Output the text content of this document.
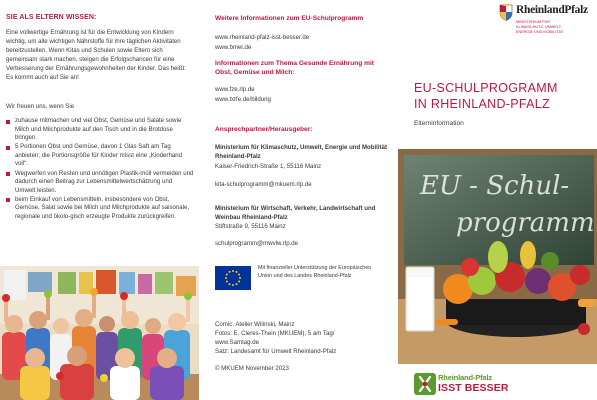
SIE ALS ELTERN WISSEN:

Eine vollwertige Ernährung ist für die Entwicklung von Kindern wichtig, um alle wichtigen Nährstoffe für ihre täglichen Aktivitäten bereitzustellen. Wenn Kitas und Schulen sowie Eltern sich gemeinsam stark machen, steigen die Erfolgschancen für eine Verbesserung der Ernährungsgewohnheiten der Kinder. Das heißt: Es kommt auch auf Sie an!

Wir freuen uns, wenn Sie

zuhause mitmachen und viel Obst, Gemüse und Salate sowie Milch und Milchprodukte auf den Tisch und in die Brotdose bringen.
5 Portionen Obst und Gemüse, davon 1 Glas Saft am Tag anbieten; die Portionsgröße für Kinder misst eine „Kinderhand voll“.
Wegwerfen von Resten und unnötigen Plastik-müll vermeiden und dadurch einen Beitrag zur Lebensmittelwertschätzung und Umwelt leisten.
beim Einkauf von Lebensmitteln, insbesondere von Obst, Gemüse, Salat sowie bei Milch und Milchprodukte auf saisonale, regionale und ökolo-gisch erzeugte Produkte zurückgreifen.
Weitere Informationen zum EU-Schulprogramm
www.rheinland-pfalz-isst-besser.de
www.bmel.de
Informationen zum Thema Gesunde Ernährung mit Obst, Gemüse und Milch:
www.fze.rlp.de
www.bzfe.de/bildung
Ansprechpartner/Herausgeber:
Ministerium für Klimaschutz, Umwelt, Energie und Mobilität Rheinland-Pfalz
Kaiser-Friedrich-Straße 1, 55116 Mainz
kita-schulprogramm@mkuem.rlp.de
Ministerium für Wirtschaft, Verkehr, Landwirtschaft und Weinbau Rheinland-Pfalz
Stiftstraße 9, 55116 Mainz
schulprogramm@mwvlw.rlp.de
Mit finanzieller Unterstützung der Europäischen Union und des Landes Rheinland-Pfalz
Comic: Atelier Wilinski, Mainz
Fotos: E. Cleres-Thein (MKUEM), 5 am Tag/ www.Samtag.de
Satz: Landesamt für Umwelt Rheinland-Pfalz
© MKUEM November 2023
RheinlandPfalz
MINISTERIUM FÜR
KLIMASCHUTZ, UMWELT,
ENERGIE UND MOBILITÄT
EU-SCHULPROGRAMM
IN RHEINLAND-PFALZ
Elterninformation
EU - Schul-
programm
Rheinland-Pfalz
ISST BESSER
